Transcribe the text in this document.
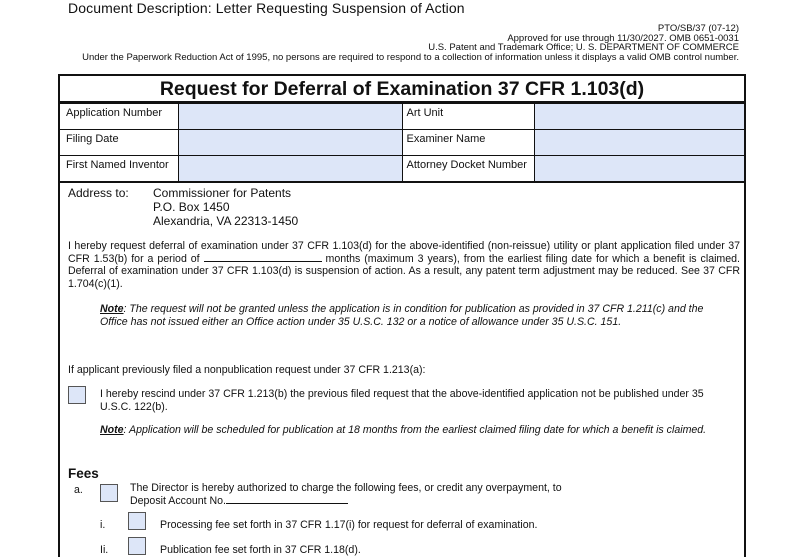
Document Description: Letter Requesting Suspension of Action
PTO/SB/37 (07-12)
Approved for use through 11/30/2027. OMB 0651-0031
U.S. Patent and Trademark Office; U. S. DEPARTMENT OF COMMERCE
Under the Paperwork Reduction Act of 1995, no persons are required to respond to a collection of information unless it displays a valid OMB control number.
Request for Deferral of Examination 37 CFR 1.103(d)
Application Number		Art Unit	
Filing Date		Examiner Name	
First Named Inventor		Attorney Docket Number	
Address to: Commissioner for Patents
P.O. Box 1450
Alexandria, VA 22313-1450
I hereby request deferral of examination under 37 CFR 1.103(d) for the above-identified (non-reissue) utility or plant application filed under 37 CFR 1.53(b) for a period of	months (maximum 3 years), from the earliest filing date for which a benefit is claimed. Deferral of examination under 37 CFR 1.103(d) is suspension of action. As a result, any patent term adjustment may be reduced. See 37 CFR 1.704(c)(1).
Note: The request will not be granted unless the application is in condition for publication as provided in 37 CFR 1.211(c) and the Office has not issued either an Office action under 35 U.S.C. 132 or a notice of allowance under 35 U.S.C. 151.
If applicant previously filed a nonpublication request under 37 CFR 1.213(a):
I hereby rescind under 37 CFR 1.213(b) the previous filed request that the above-identified application not be published under 35 U.S.C. 122(b).
Note: Application will be scheduled for publication at 18 months from the earliest claimed filing date for which a benefit is claimed.
Fees
a.	The Director is hereby authorized to charge the following fees, or credit any overpayment, to
Deposit Account No.
i.	Processing fee set forth in 37 CFR 1.17(i) for request for deferral of examination.
Ii.	Publication fee set forth in 37 CFR 1.18(d).
